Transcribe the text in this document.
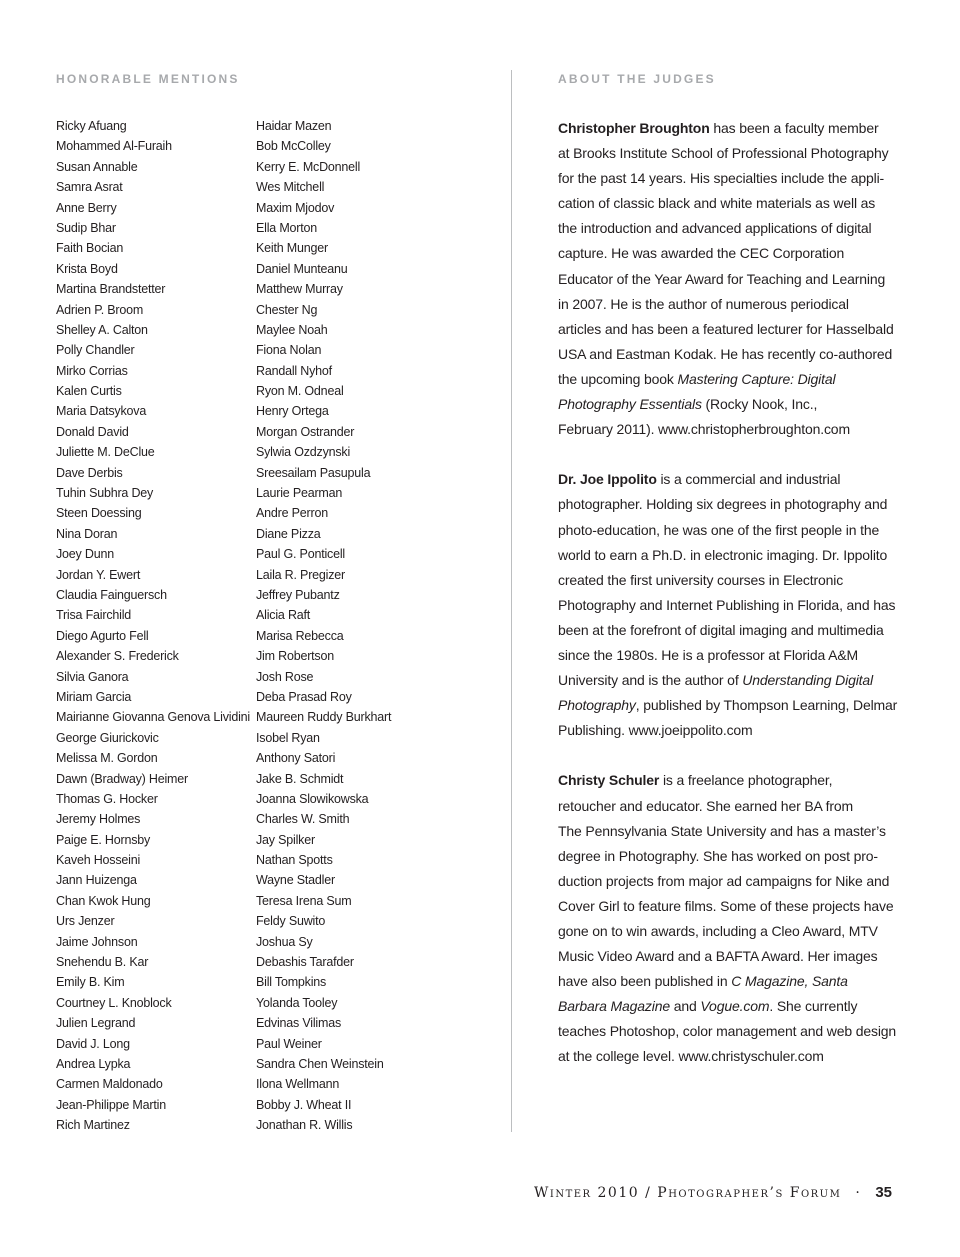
HONORABLE MENTIONS	ABOUT THE JUDGES
Ricky Afuang
Mohammed Al-Furaih
Susan Annable
Samra Asrat
Anne Berry
Sudip Bhar
Faith Bocian
Krista Boyd
Martina Brandstetter
Adrien P. Broom
Shelley A. Calton
Polly Chandler
Mirko Corrias
Kalen Curtis
Maria Datsykova
Donald David
Juliette M. DeClue
Dave Derbis
Tuhin Subhra Dey
Steen Doessing
Nina Doran
Joey Dunn
Jordan Y. Ewert
Claudia Fainguersch
Trisa Fairchild
Diego Agurto Fell
Alexander S. Frederick
Silvia Ganora
Miriam Garcia
Mairianne Giovanna Genova Lividini
George Giurickovic
Melissa M. Gordon
Dawn (Bradway) Heimer
Thomas G. Hocker
Jeremy Holmes
Paige E. Hornsby
Kaveh Hosseini
Jann Huizenga
Chan Kwok Hung
Urs Jenzer
Jaime Johnson
Snehendu B. Kar
Emily B. Kim
Courtney L. Knoblock
Julien Legrand
David J. Long
Andrea Lypka
Carmen Maldonado
Jean-Philippe Martin
Rich Martinez
Haidar Mazen
Bob McColley
Kerry E. McDonnell
Wes Mitchell
Maxim Mjodov
Ella Morton
Keith Munger
Daniel Munteanu
Matthew Murray
Chester Ng
Maylee Noah
Fiona Nolan
Randall Nyhof
Ryon M. Odneal
Henry Ortega
Morgan Ostrander
Sylwia Ozdzynski
Sreesailam Pasupula
Laurie Pearman
Andre Perron
Diane Pizza
Paul G. Ponticell
Laila R. Pregizer
Jeffrey Pubantz
Alicia Raft
Marisa Rebecca
Jim Robertson
Josh Rose
Deba Prasad Roy
Maureen Ruddy Burkhart
Isobel Ryan
Anthony Satori
Jake B. Schmidt
Joanna Slowikowska
Charles W. Smith
Jay Spilker
Nathan Spotts
Wayne Stadler
Teresa Irena Sum
Feldy Suwito
Joshua Sy
Debashis Tarafder
Bill Tompkins
Yolanda Tooley
Edvinas Vilimas
Paul Weiner
Sandra Chen Weinstein
Ilona Wellmann
Bobby J. Wheat II
Jonathan R. Willis

Christopher Broughton has been a faculty member
at Brooks Institute School of Professional Photography
for the past 14 years. His specialties include the appli-
cation of classic black and white materials as well as
the introduction and advanced applications of digital
capture. He was awarded the CEC Corporation
Educator of the Year Award for Teaching and Learning
in 2007. He is the author of numerous periodical
articles and has been a featured lecturer for Hasselbald
USA and Eastman Kodak. He has recently co-authored
the upcoming book Mastering Capture: Digital
Photography Essentials (Rocky Nook, Inc.,
February 2011). www.christopherbroughton.com

Dr. Joe Ippolito is a commercial and industrial
photographer. Holding six degrees in photography and
photo-education, he was one of the first people in the
world to earn a Ph.D. in electronic imaging. Dr. Ippolito
created the first university courses in Electronic
Photography and Internet Publishing in Florida, and has
been at the forefront of digital imaging and multimedia
since the 1980s. He is a professor at Florida A&M
University and is the author of Understanding Digital
Photography, published by Thompson Learning, Delmar
Publishing. www.joeippolito.com

Christy Schuler is a freelance photographer,
retoucher and educator. She earned her BA from
The Pennsylvania State University and has a master’s
degree in Photography. She has worked on post pro-
duction projects from major ad campaigns for Nike and
Cover Girl to feature films. Some of these projects have
gone on to win awards, including a Cleo Award, MTV
Music Video Award and a BAFTA Award. Her images
have also been published in C Magazine, Santa
Barbara Magazine and Vogue.com. She currently
teaches Photoshop, color management and web design
at the college level. www.christyschuler.com

Winter 2010 / Photographer’s Forum · 35
